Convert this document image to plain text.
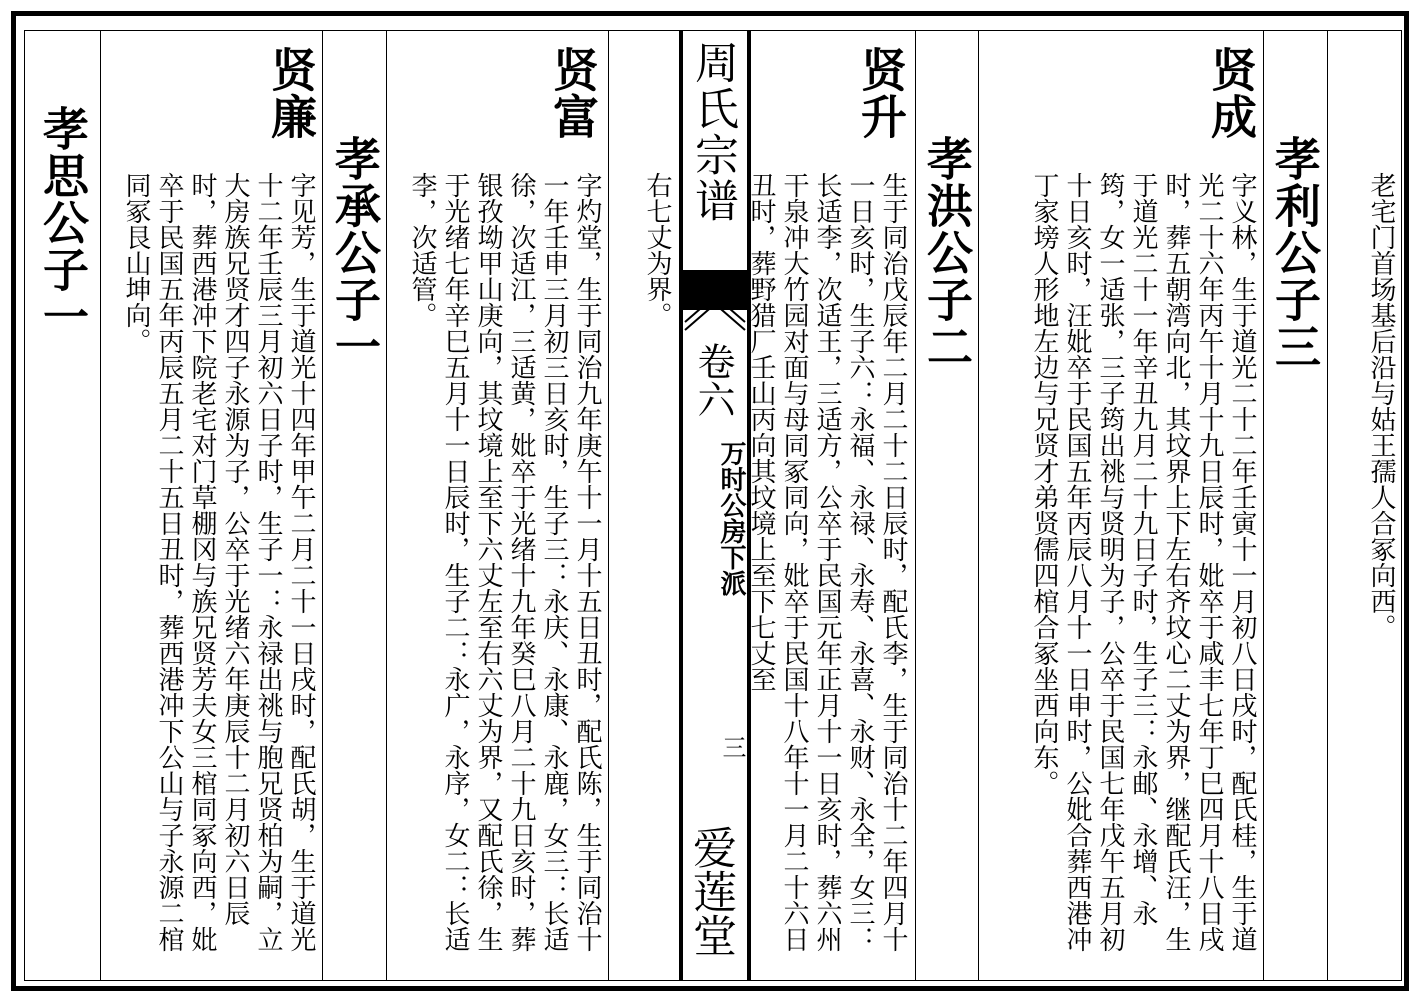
周氏宗谱
卷六
万时公房下派
三
爱莲堂
老宅门首场基后沿与姑王孺人合冢向西。
孝利公子三
贤成
字义林，生于道光二十二年壬寅十一月初八日戌时，配氏桂，生于道光二十六年丙午十月十九日辰时，妣卒于咸丰七年丁巳四月十八日戌时，葬五朝湾向北，其坟界上下左右齐坟心二丈为界，继配氏汪，生于道光二十一年辛丑九月二十九日子时，生子三：永邮、永增、永筠，女一适张，三子筠出祧与贤明为子，公卒于民国七年戊午五月初十日亥时，汪妣卒于民国五年丙辰八月十一日申时，公妣合葬西港冲丁家塝人形地左边与兄贤才弟贤儒四棺合冢坐西向东。
孝洪公子二
贤升
生于同治戊辰年二月二十二日辰时，配氏李，生于同治十二年四月十一日亥时，生子六：永福、永禄、永寿、永喜、永财、永全，女三：长适李，次适王，三适方，公卒于民国元年正月十一日亥时，葬六州干泉冲大竹园对面与母同冢同向，妣卒于民国十八年十一月二十六日丑时，葬野猎厂壬山丙向其坟境上至下七丈至
右七丈为界。
贤富
字灼堂，生于同治九年庚午十一月十五日丑时，配氏陈，生于同治十一年壬申三月初三日亥时，生子三：永庆、永康、永鹿，女三：长适徐，次适江，三适黄，妣卒于光绪十九年癸巳八月二十九日亥时，葬银孜坳甲山庚向，其坟境上至下六丈左至右六丈为界，又配氏徐，生于光绪七年辛巳五月十一日辰时，生子二：永广，永序，女二：长适李，次适管。
孝承公子一
贤廉
字见芳，生于道光十四年甲午二月二十一日戌时，配氏胡，生于道光十二年壬辰三月初六日子时，生子一：永禄出祧与胞兄贤柏为嗣，立大房族兄贤才四子永源为子，公卒于光绪六年庚辰十二月初六日辰时，葬西港冲下院老宅对门草棚冈与族兄贤芳夫女三棺同冢向西，妣卒于民国五年丙辰五月二十五日丑时，葬西港冲下公山与子永源二棺同冢艮山坤向。
孝思公子一
